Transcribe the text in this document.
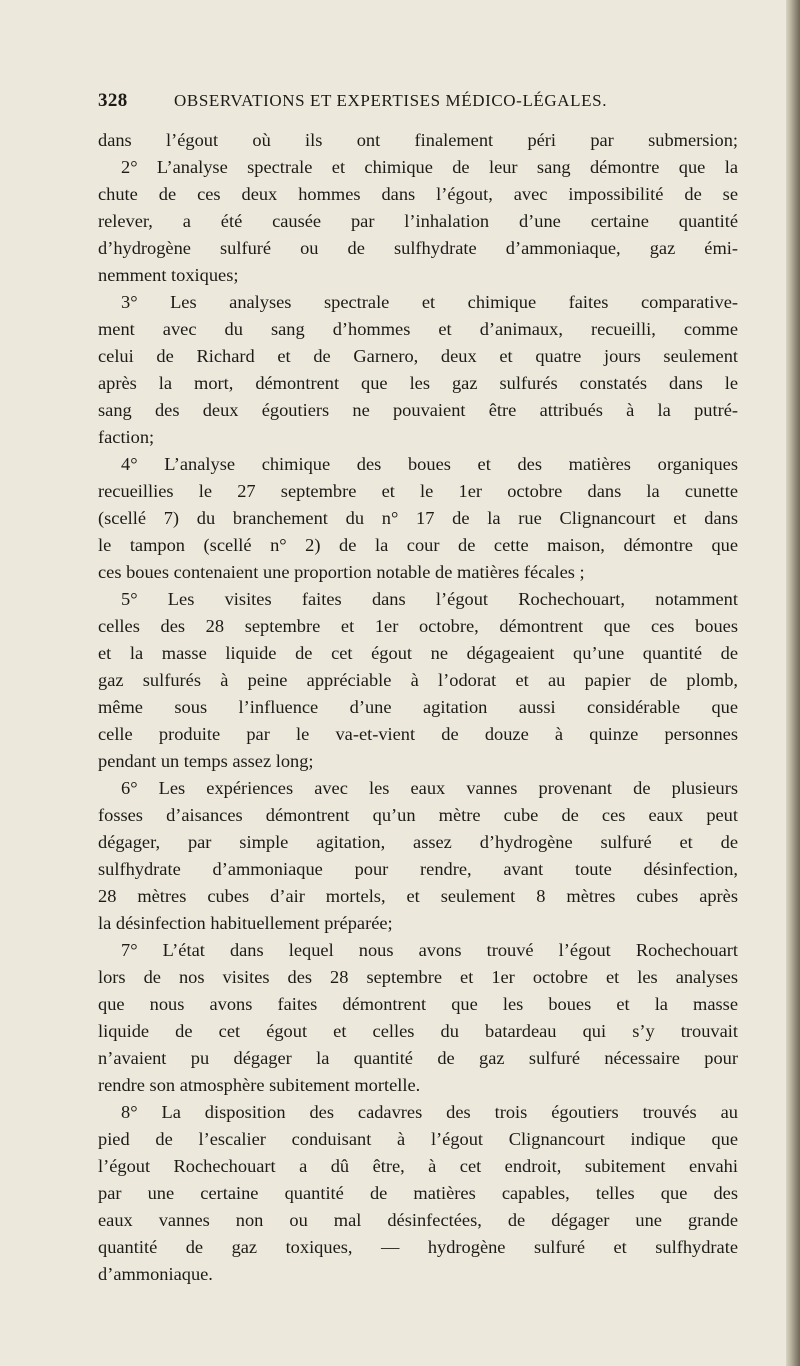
328	OBSERVATIONS ET EXPERTISES MÉDICO-LÉGALES.
dans l’égout où ils ont finalement péri par submersion;
2° L’analyse spectrale et chimique de leur sang démontre que la
chute de ces deux hommes dans l’égout, avec impossibilité de se
relever, a été causée par l’inhalation d’une certaine quantité
d’hydrogène sulfuré ou de sulfhydrate d’ammoniaque, gaz émi-
nemment toxiques;
3° Les analyses spectrale et chimique faites comparative-
ment avec du sang d’hommes et d’animaux, recueilli, comme
celui de Richard et de Garnero, deux et quatre jours seulement
après la mort, démontrent que les gaz sulfurés constatés dans le
sang des deux égoutiers ne pouvaient être attribués à la putré-
faction;
4° L’analyse chimique des boues et des matières organiques
recueillies le 27 septembre et le 1er octobre dans la cunette
(scellé 7) du branchement du n° 17 de la rue Clignancourt et dans
le tampon (scellé n° 2) de la cour de cette maison, démontre que
ces boues contenaient une proportion notable de matières fécales ;
5° Les visites faites dans l’égout Rochechouart, notamment
celles des 28 septembre et 1er octobre, démontrent que ces boues
et la masse liquide de cet égout ne dégageaient qu’une quantité de
gaz sulfurés à peine appréciable à l’odorat et au papier de plomb,
même sous l’influence d’une agitation aussi considérable que
celle produite par le va-et-vient de douze à quinze personnes
pendant un temps assez long;
6° Les expériences avec les eaux vannes provenant de plusieurs
fosses d’aisances démontrent qu’un mètre cube de ces eaux peut
dégager, par simple agitation, assez d’hydrogène sulfuré et de
sulfhydrate d’ammoniaque pour rendre, avant toute désinfection,
28 mètres cubes d’air mortels, et seulement 8 mètres cubes après
la désinfection habituellement préparée;
7° L’état dans lequel nous avons trouvé l’égout Rochechouart
lors de nos visites des 28 septembre et 1er octobre et les analyses
que nous avons faites démontrent que les boues et la masse
liquide de cet égout et celles du batardeau qui s’y trouvait
n’avaient pu dégager la quantité de gaz sulfuré nécessaire pour
rendre son atmosphère subitement mortelle.
8° La disposition des cadavres des trois égoutiers trouvés au
pied de l’escalier conduisant à l’égout Clignancourt indique que
l’égout Rochechouart a dû être, à cet endroit, subitement envahi
par une certaine quantité de matières capables, telles que des
eaux vannes non ou mal désinfectées, de dégager une grande
quantité de gaz toxiques, — hydrogène sulfuré et sulfhydrate
d’ammoniaque.
